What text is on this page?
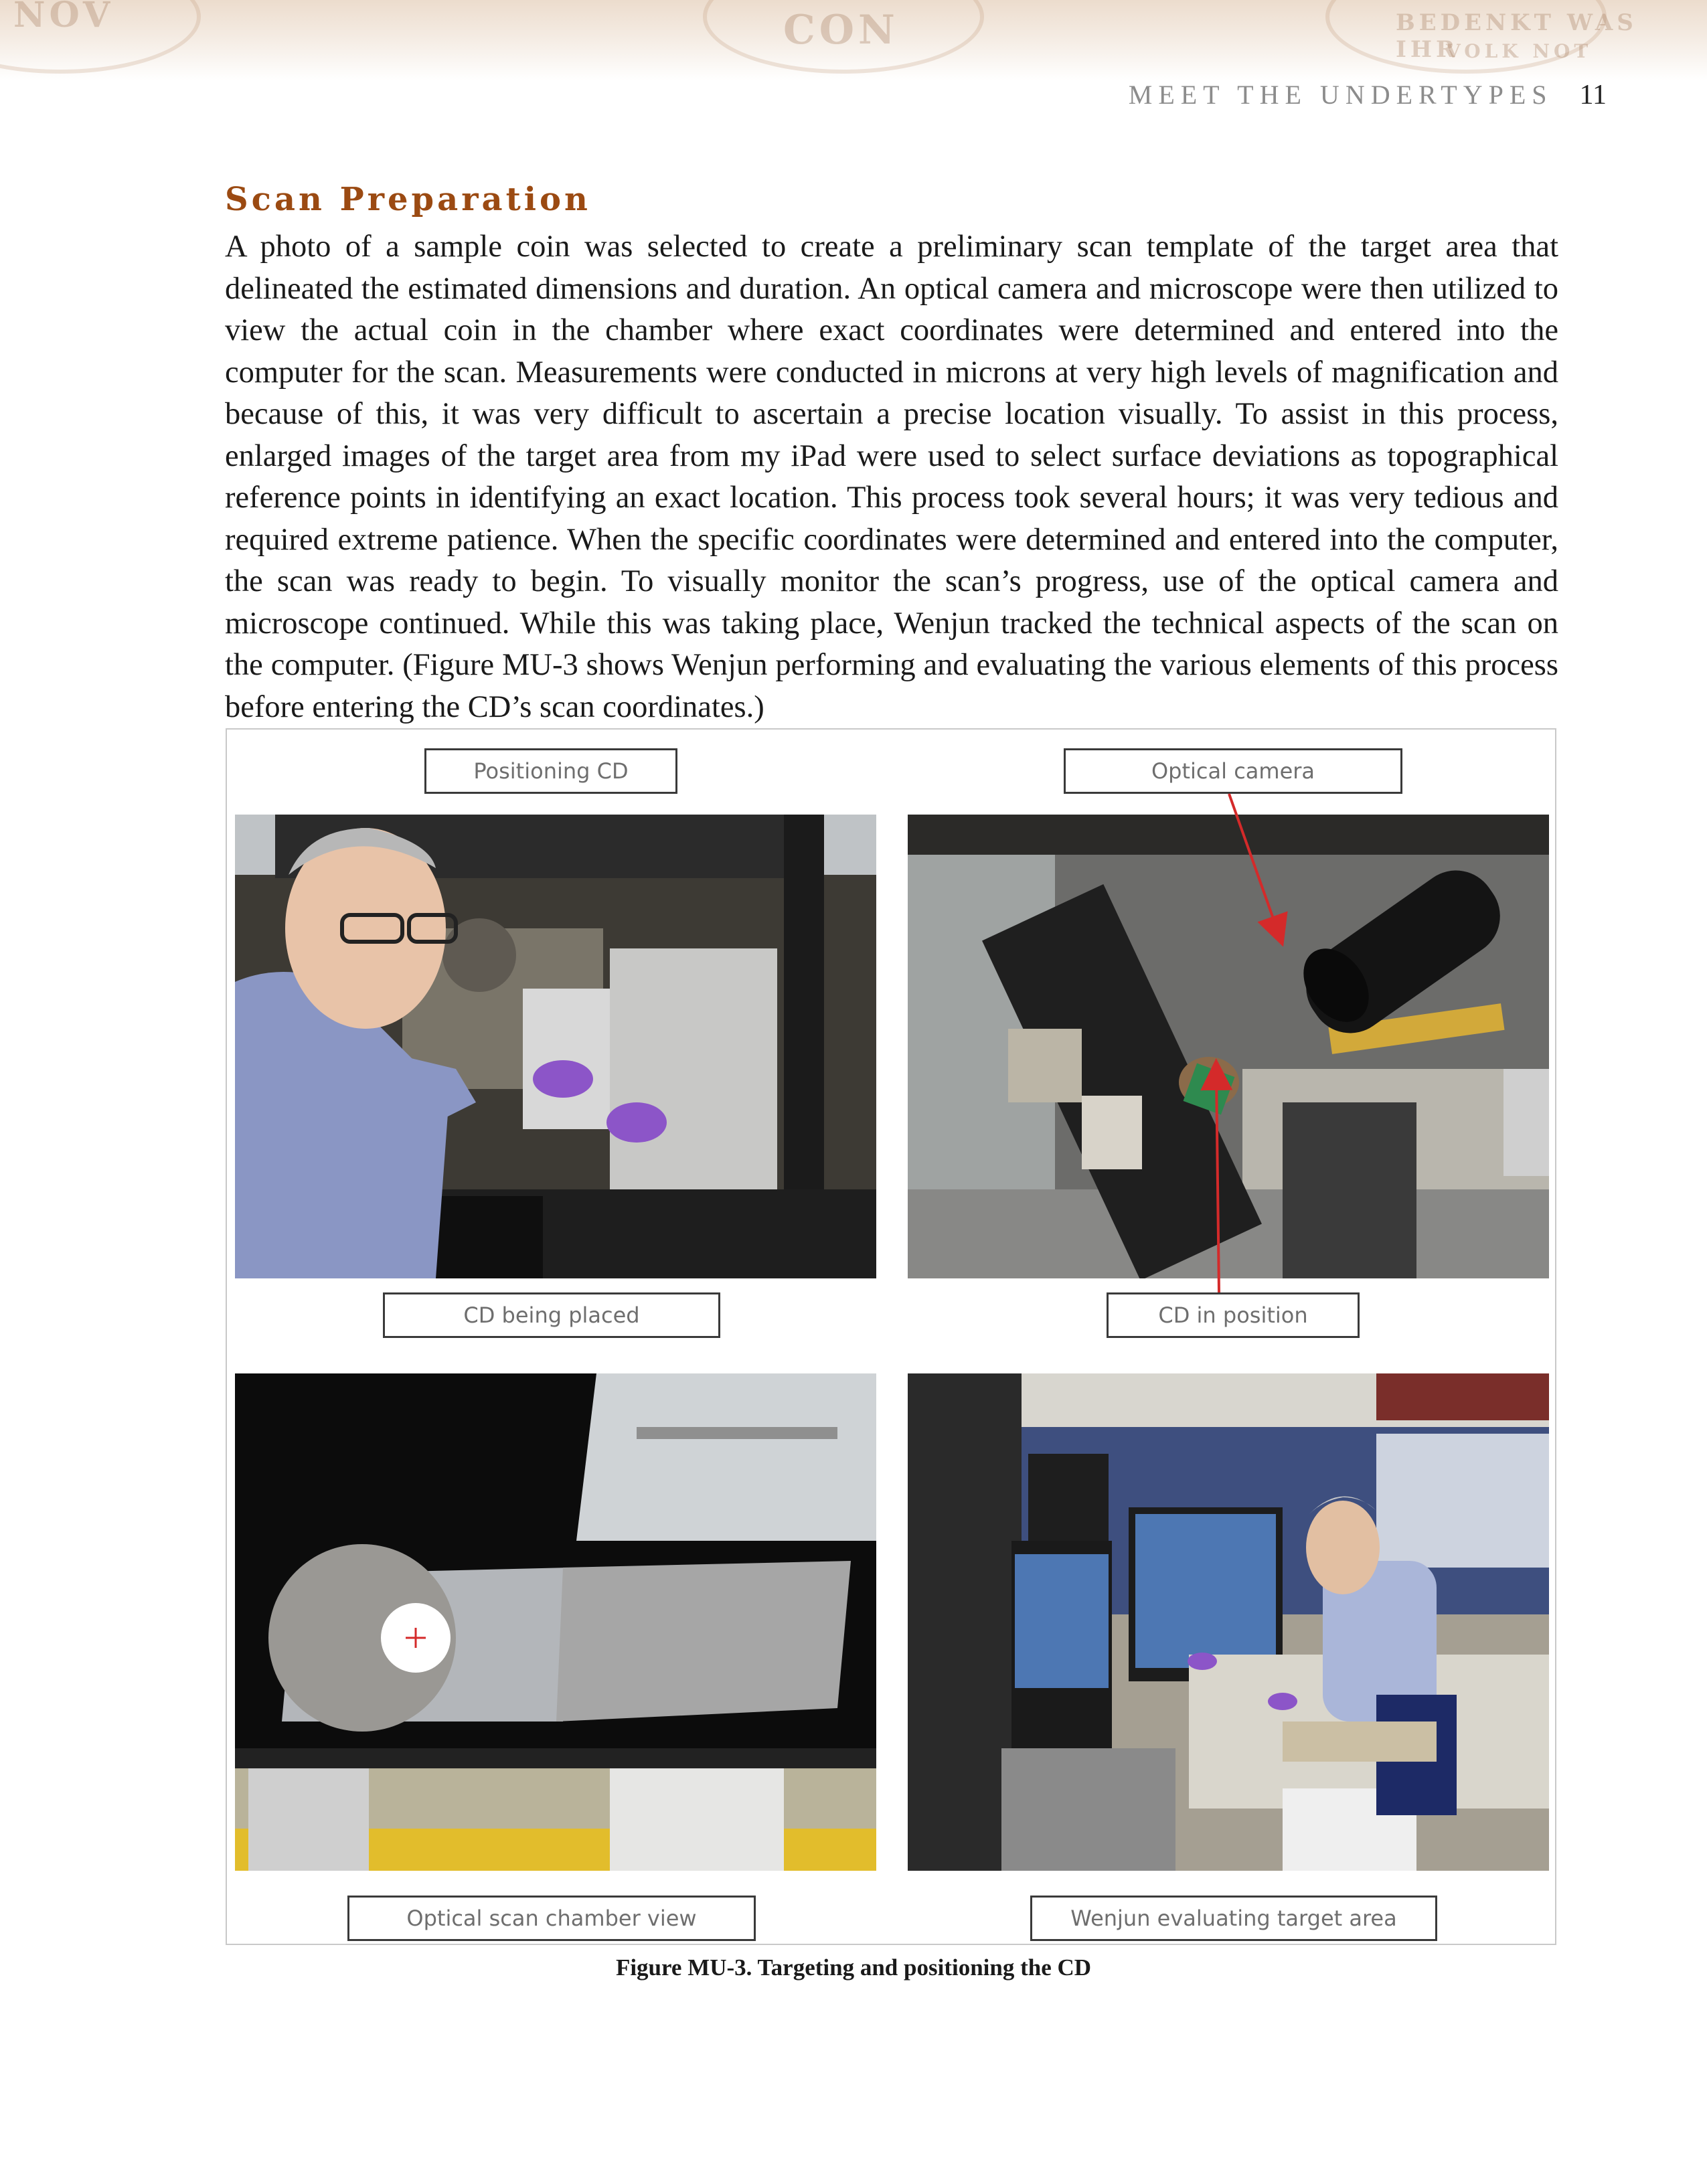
NOV	CON	BEDENKT WAS IHR
VOLK NOT
MEET THE UNDERTYPES 11
Scan Preparation

A photo of a sample coin was selected to create a preliminary scan template of the target area that delineated the estimated dimensions and duration. An optical camera and microscope were then utilized to view the actual coin in the chamber where exact coordinates were determined and entered into the computer for the scan. Measurements were conducted in microns at very high levels of magnification and because of this, it was very difficult to ascertain a precise location visually. To assist in this process, enlarged images of the target area from my iPad were used to select surface deviations as topographical reference points in identifying an exact location. This process took several hours; it was very tedious and required extreme patience. When the specific coordinates were determined and entered into the computer, the scan was ready to begin. To visually monitor the scan’s progress, use of the optical camera and microscope continued. While this was taking place, Wenjun tracked the technical aspects of the scan on the computer. (Figure MU-3 shows Wenjun performing and evaluating the various elements of this process before entering the CD’s scan coordinates.)

Positioning CD	Optical camera
CD being placed	CD in position
Optical scan chamber view	Wenjun evaluating target area
Figure MU-3. Targeting and positioning the CD
